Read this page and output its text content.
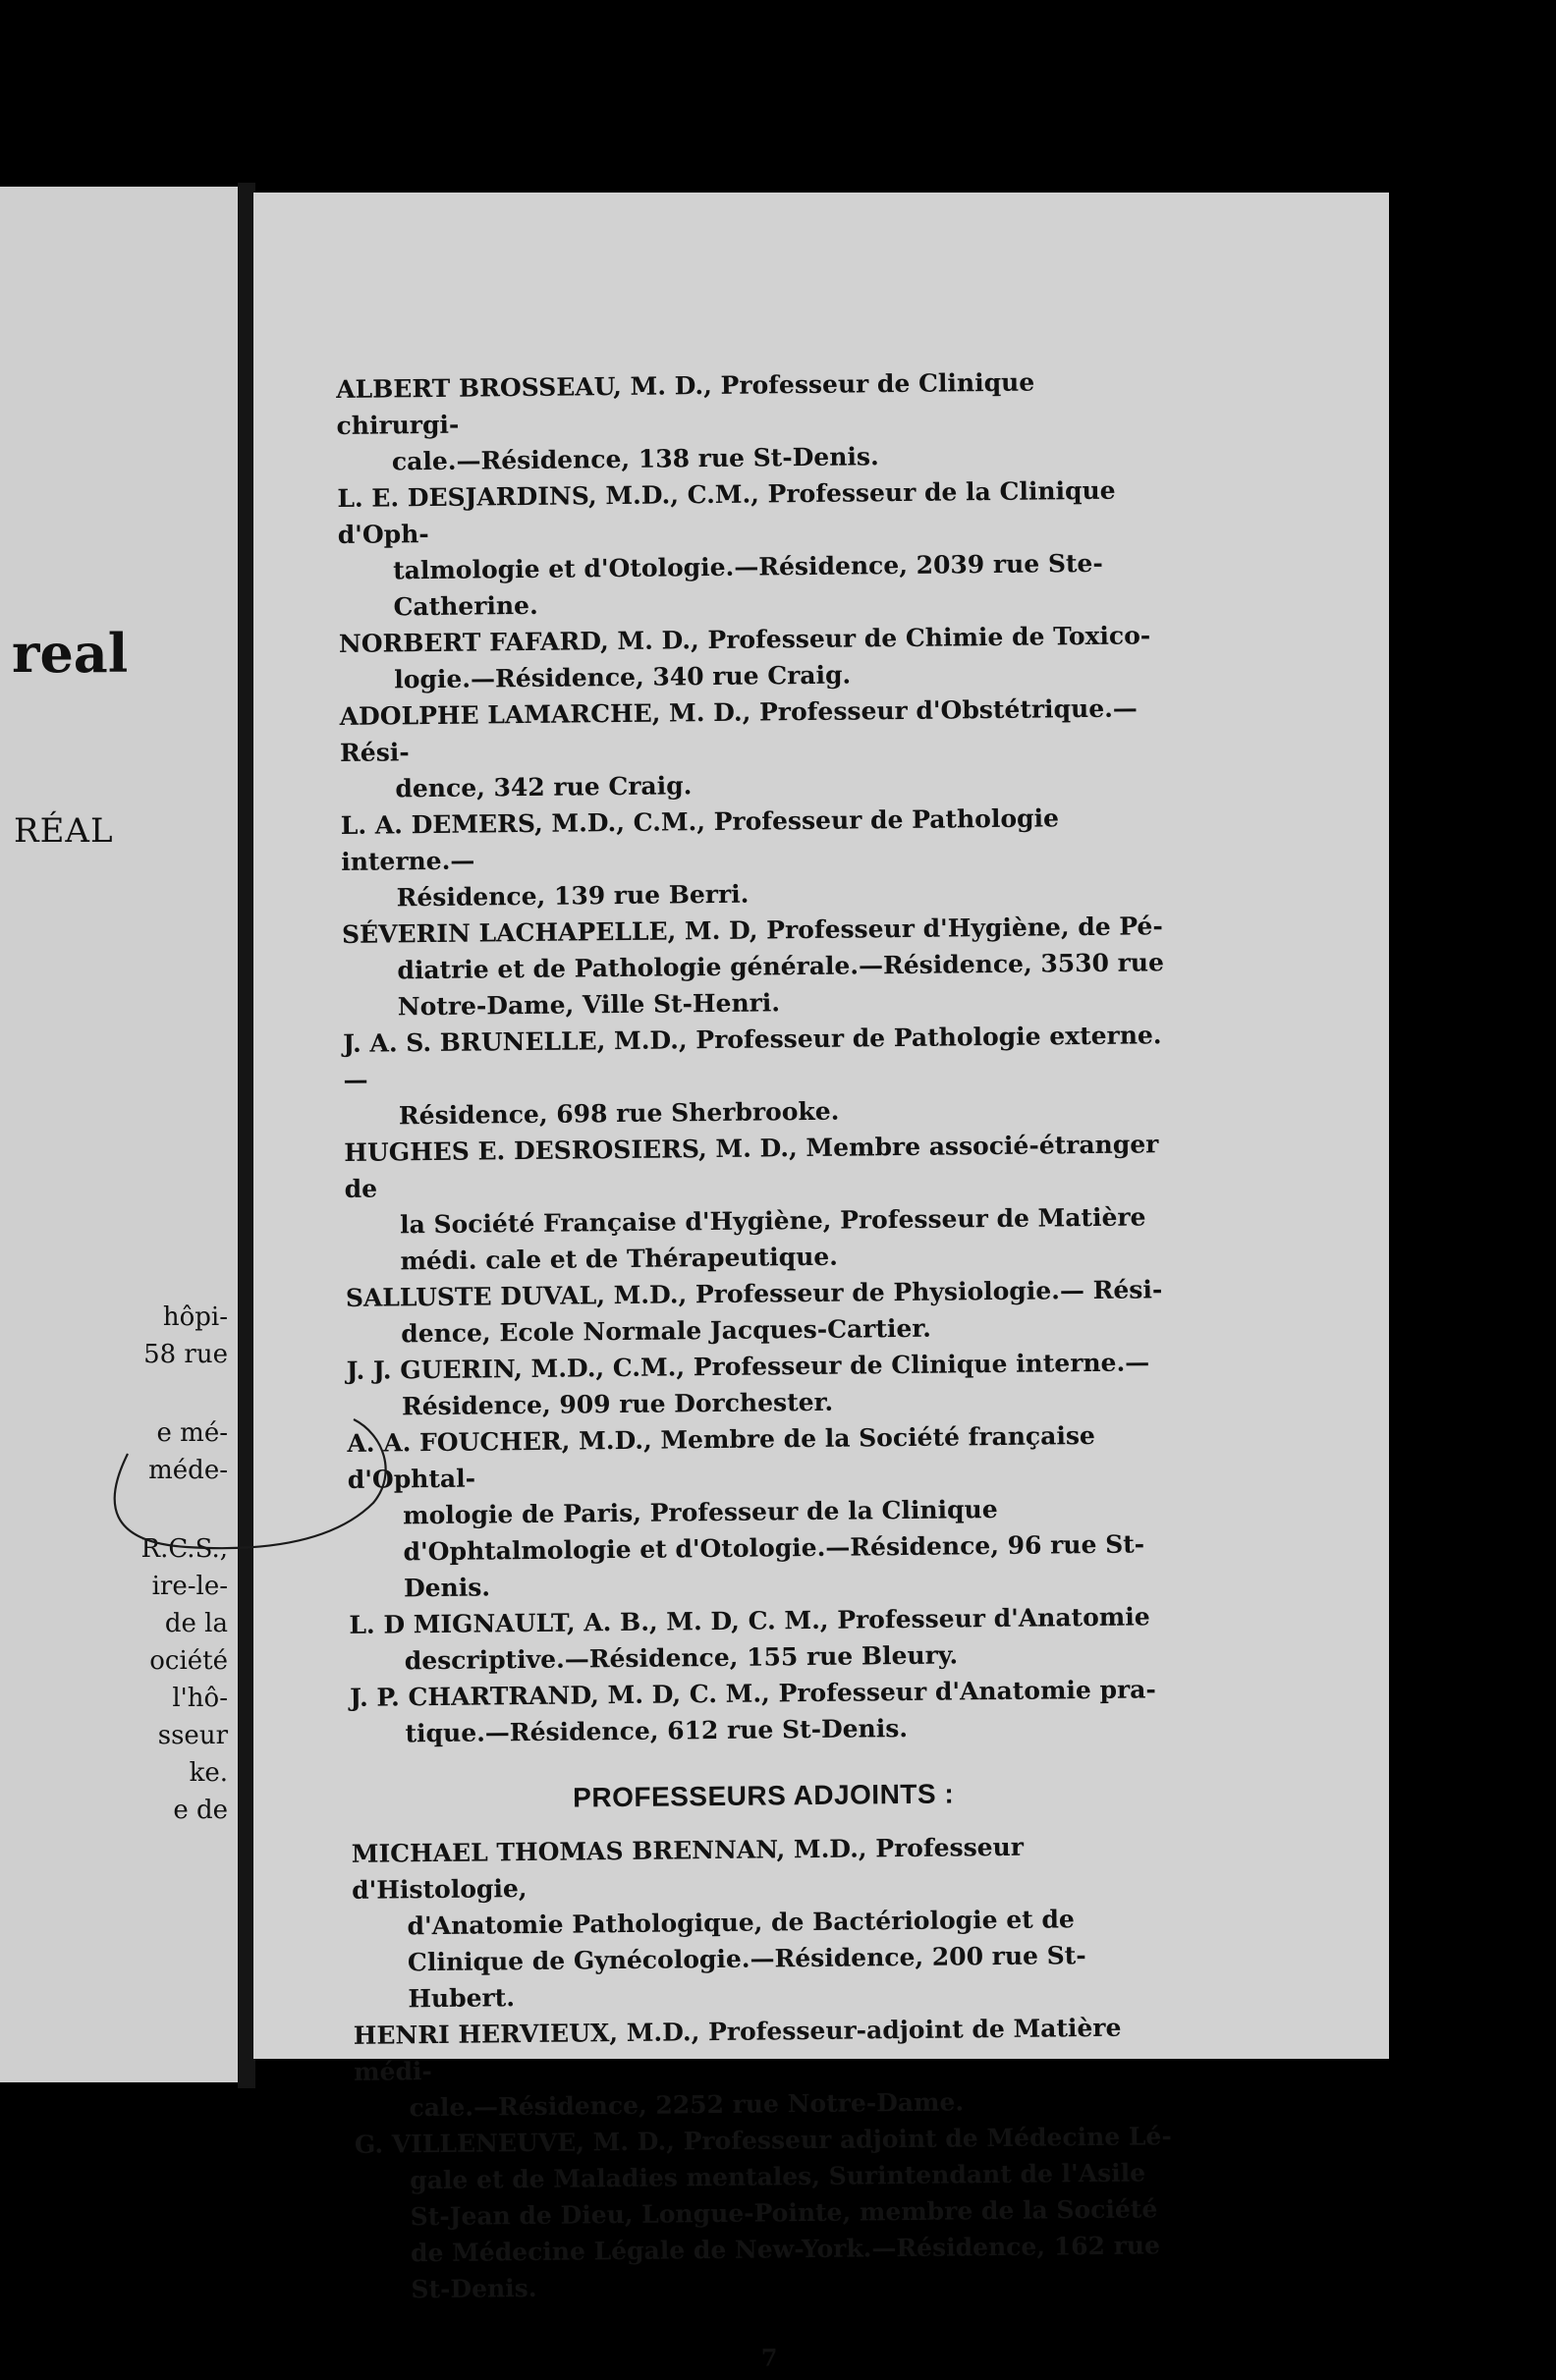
real
RÉAL
hôpi-
58 rue
e mé-
méde-
R.C.S.,
ire-le-
de la
ociété
l'hô-
sseur
ke.
e de
ALBERT BROSSEAU, M. D., Professeur de Clinique chirurgi-
cale.—Résidence, 138 rue St-Denis.
L. E. DESJARDINS, M.D., C.M., Professeur de la Clinique d'Oph-
talmologie et d'Otologie.—Résidence, 2039 rue Ste-Catherine.
NORBERT FAFARD, M. D., Professeur de Chimie de Toxico-
logie.—Résidence, 340 rue Craig.
ADOLPHE LAMARCHE, M. D., Professeur d'Obstétrique.—Rési-
dence, 342 rue Craig.
L. A. DEMERS, M.D., C.M., Professeur de Pathologie interne.—
Résidence, 139 rue Berri.
SÉVERIN LACHAPELLE, M. D, Professeur d'Hygiène, de Pé-
diatrie et de Pathologie générale.—Résidence, 3530 rue Notre-Dame, Ville St-Henri.
J. A. S. BRUNELLE, M.D., Professeur de Pathologie externe.—
Résidence, 698 rue Sherbrooke.
HUGHES E. DESROSIERS, M. D., Membre associé-étranger de
la Société Française d'Hygiène, Professeur de Matière médi. cale et de Thérapeutique.
SALLUSTE DUVAL, M.D., Professeur de Physiologie.— Rési-
dence, Ecole Normale Jacques-Cartier.
J. J. GUERIN, M.D., C.M., Professeur de Clinique interne.—
Résidence, 909 rue Dorchester.
A. A. FOUCHER, M.D., Membre de la Société française d'Ophtal-
mologie de Paris, Professeur de la Clinique d'Ophtalmologie et d'Otologie.—Résidence, 96 rue St-Denis.
L. D MIGNAULT, A. B., M. D, C. M., Professeur d'Anatomie
descriptive.—Résidence, 155 rue Bleury.
J. P. CHARTRAND, M. D, C. M., Professeur d'Anatomie pra-
tique.—Résidence, 612 rue St-Denis.
PROFESSEURS ADJOINTS :
MICHAEL THOMAS BRENNAN, M.D., Professeur d'Histologie,
d'Anatomie Pathologique, de Bactériologie et de Clinique de Gynécologie.—Résidence, 200 rue St-Hubert.
HENRI HERVIEUX, M.D., Professeur-adjoint de Matière médi-
cale.—Résidence, 2252 rue Notre-Dame.
G. VILLENEUVE, M. D., Professeur adjoint de Médecine Lé-
gale et de Maladies mentales, Surintendant de l'Asile St-Jean de Dieu, Longue-Pointe, membre de la Société de Médecine Légale de New-York.—Résidence, 162 rue St-Denis.
7
